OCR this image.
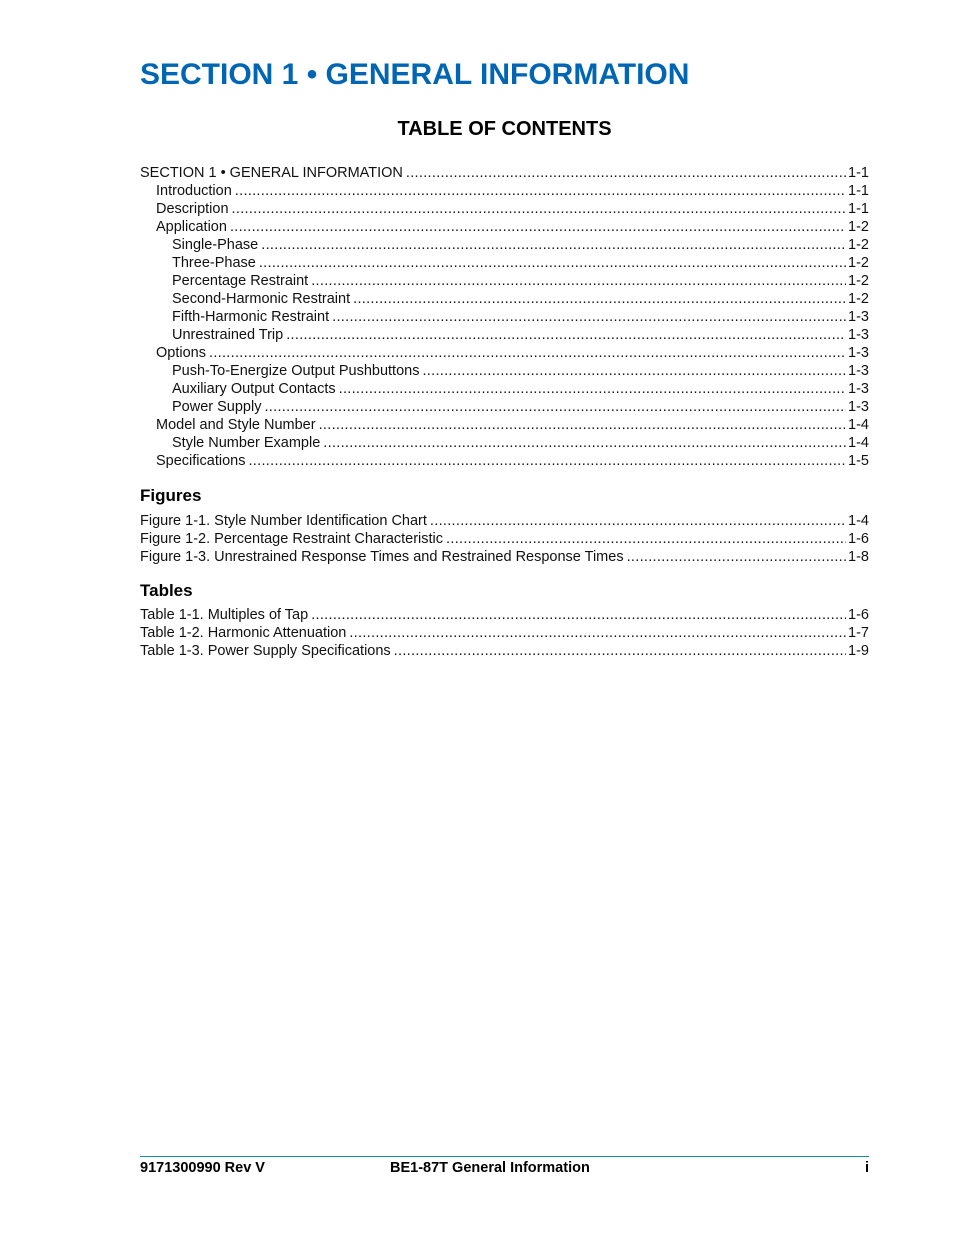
SECTION 1 • GENERAL INFORMATION
TABLE OF CONTENTS
SECTION 1 • GENERAL INFORMATION .....	1-1
Introduction .....	1-1
Description .....	1-1
Application .....	1-2
Single-Phase .....	1-2
Three-Phase .....	1-2
Percentage Restraint .....	1-2
Second-Harmonic Restraint .....	1-2
Fifth-Harmonic Restraint .....	1-3
Unrestrained Trip .....	1-3
Options .....	1-3
Push-To-Energize Output Pushbuttons .....	1-3
Auxiliary Output Contacts .....	1-3
Power Supply .....	1-3
Model and Style Number .....	1-4
Style Number Example .....	1-4
Specifications .....	1-5
Figures
Figure 1-1. Style Number Identification Chart .....	1-4
Figure 1-2. Percentage Restraint Characteristic .....	1-6
Figure 1-3. Unrestrained Response Times and Restrained Response Times .....	1-8
Tables
Table 1-1. Multiples of Tap .....	1-6
Table 1-2. Harmonic Attenuation .....	1-7
Table 1-3. Power Supply Specifications .....	1-9
9171300990 Rev V	BE1-87T General Information	i
